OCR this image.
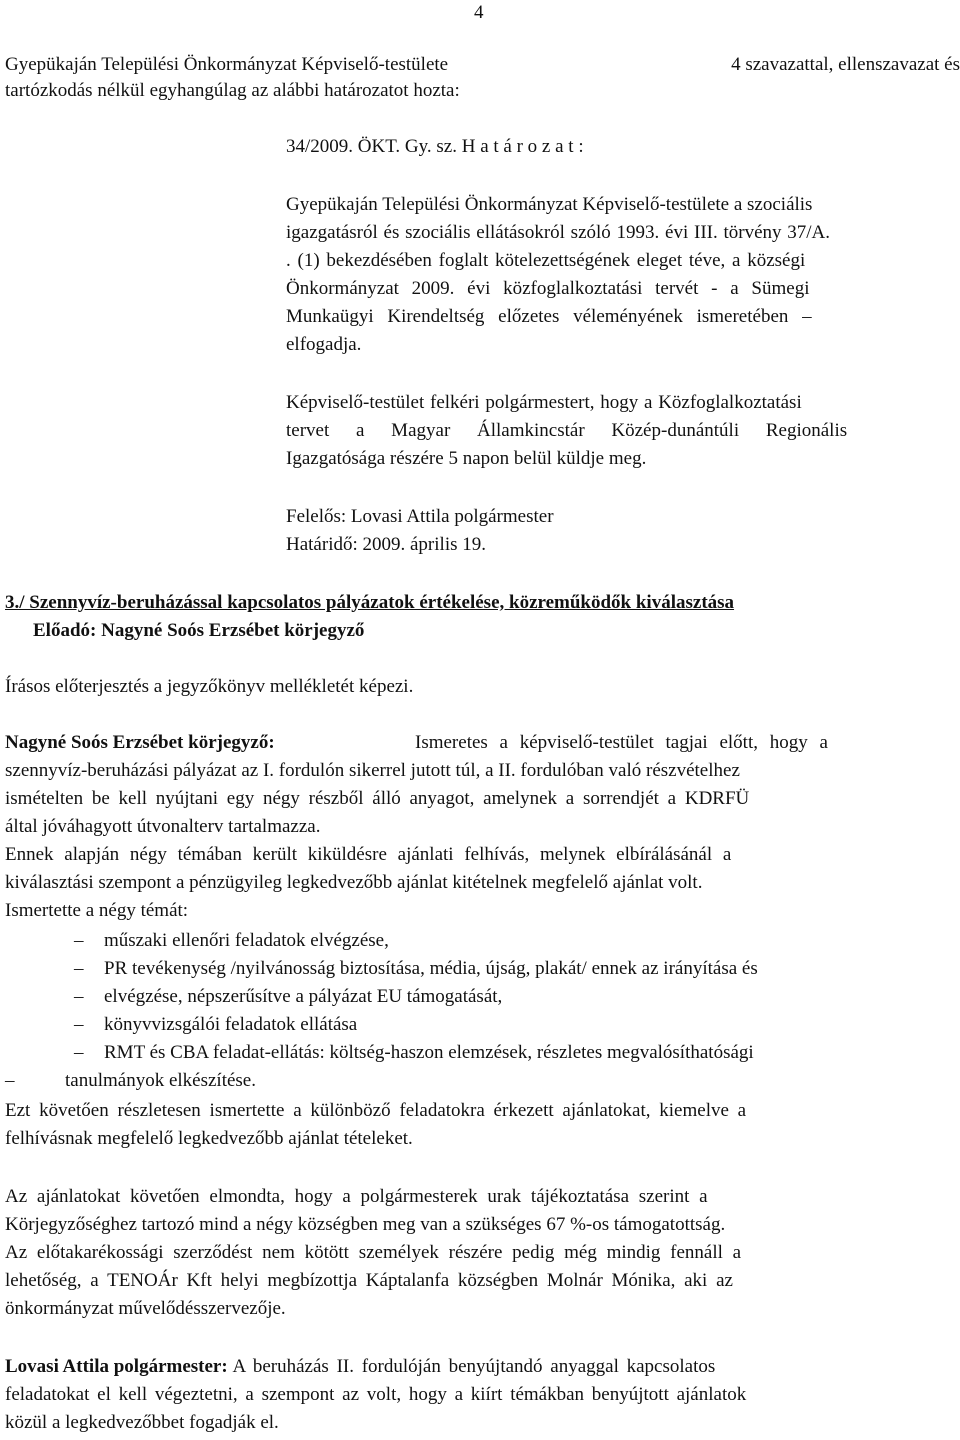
4
Gyepükaján Települési Önkormányzat Képviselő-testülete	4 szavazattal, ellenszavazat és
tartózkodás nélkül egyhangúlag az alábbi határozatot hozta:
34/2009. ÖKT. Gy. sz. H a t á r o z a t :
Gyepükaján Települési Önkormányzat Képviselő-testülete a szociális
igazgatásról és szociális ellátásokról szóló 1993. évi III. törvény 37/A.
. (1) bekezdésében foglalt kötelezettségének eleget téve, a községi
Önkormányzat 2009. évi közfoglalkoztatási tervét - a Sümegi
Munkaügyi Kirendeltség előzetes véleményének ismeretében –
elfogadja.
Képviselő-testület felkéri polgármestert, hogy a Közfoglalkoztatási
tervet a Magyar Államkincstár Közép-dunántúli Regionális
Igazgatósága részére 5 napon belül küldje meg.
Felelős: Lovasi Attila polgármester
Határidő: 2009. április 19.
3./ Szennyvíz-beruházással kapcsolatos pályázatok értékelése, közreműködők kiválasztása
Előadó: Nagyné Soós Erzsébet körjegyző
Írásos előterjesztés a jegyzőkönyv mellékletét képezi.
Nagyné Soós Erzsébet körjegyző:	Ismeretes a képviselő-testület tagjai előtt, hogy a
szennyvíz-beruházási pályázat az I. fordulón sikerrel jutott túl, a II. fordulóban való részvételhez
ismételten be kell nyújtani egy négy részből álló anyagot, amelynek a sorrendjét a KDRFÜ
által jóváhagyott útvonalterv tartalmazza.
Ennek alapján négy témában került kiküldésre ajánlati felhívás, melynek elbírálásánál a
kiválasztási szempont a pénzügyileg legkedvezőbb ajánlat kitételnek megfelelő ajánlat volt.
Ismertette a négy témát:
– műszaki ellenőri feladatok elvégzése,
– PR tevékenység /nyilvánosság biztosítása, média, újság, plakát/ ennek az irányítása és
– elvégzése, népszerűsítve a pályázat EU támogatását,
– könyvvizsgálói feladatok ellátása
– RMT és CBA feladat-ellátás: költség-haszon elemzések, részletes megvalósíthatósági
–	tanulmányok elkészítése.
Ezt követően részletesen ismertette a különböző feladatokra érkezett ajánlatokat, kiemelve a
felhívásnak megfelelő legkedvezőbb ajánlat tételeket.
Az ajánlatokat követően elmondta, hogy a polgármesterek urak tájékoztatása szerint a
Körjegyzőséghez tartozó mind a négy községben meg van a szükséges 67 %-os támogatottság.
Az előtakarékossági szerződést nem kötött személyek részére pedig még mindig fennáll a
lehetőség, a TENOÁr Kft helyi megbízottja Káptalanfa községben Molnár Mónika, aki az
önkormányzat művelődésszervezője.
Lovasi Attila polgármester: A beruházás II. fordulóján benyújtandó anyaggal kapcsolatos
feladatokat el kell végeztetni, a szempont az volt, hogy a kiírt témákban benyújtott ajánlatok
közül a legkedvezőbbet fogadják el.
